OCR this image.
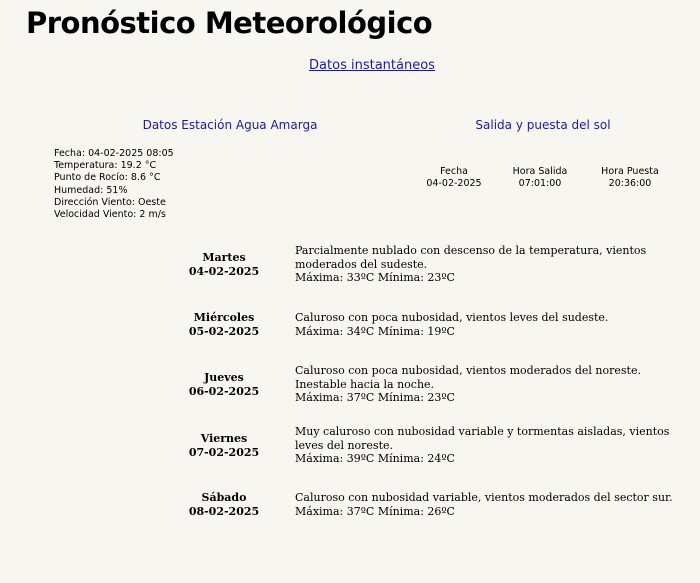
Pronóstico Meteorológico
Datos instantáneos
Datos Estación Agua Amarga	Salida y puesta del sol
Fecha: 04-02-2025 08:05
Temperatura: 19.2 °C
Punto de Rocío: 8.6 °C
Humedad: 51%
Dirección Viento: Oeste
Velocidad Viento: 2 m/s
Fecha
04-02-2025
Hora Salida
07:01:00
Hora Puesta
20:36:00
Martes
04-02-2025
Parcialmente nublado con descenso de la temperatura, vientos moderados del sudeste.
Máxima: 33ºC Mínima: 23ºC
Miércoles
05-02-2025
Caluroso con poca nubosidad, vientos leves del sudeste.
Máxima: 34ºC Mínima: 19ºC
Jueves
06-02-2025
Caluroso con poca nubosidad, vientos moderados del noreste. Inestable hacia la noche.
Máxima: 37ºC Mínima: 23ºC
Viernes
07-02-2025
Muy caluroso con nubosidad variable y tormentas aisladas, vientos leves del noreste.
Máxima: 39ºC Mínima: 24ºC
Sábado
08-02-2025
Caluroso con nubosidad variable, vientos moderados del sector sur.
Máxima: 37ºC Mínima: 26ºC
